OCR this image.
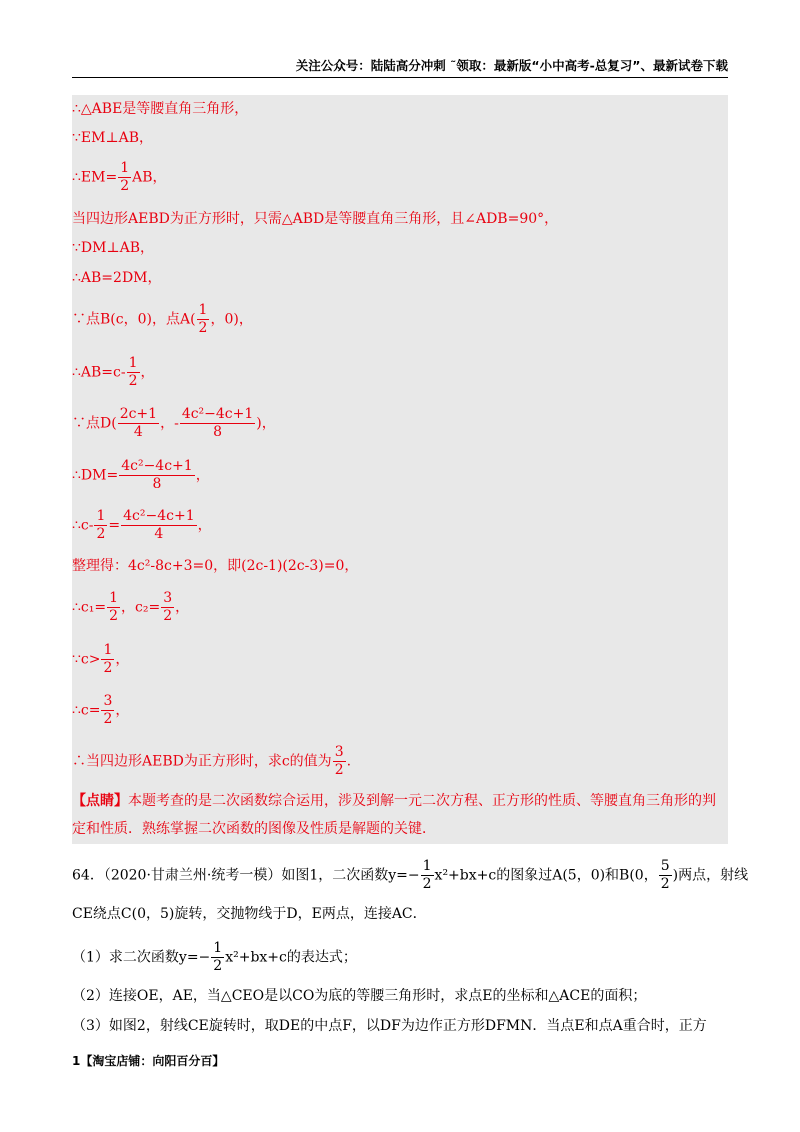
关注公众号：陆陆高分冲刺 ˜领取：最新版“小中高考-总复习”、最新试卷下载
∴△ABE是等腰直角三角形，
∵EM⊥AB，
∴EM= $\frac{1}{2}$ AB，
当四边形AEBD为正方形时，只需△ABD是等腰直角三角形，且∠ADB=90°，
∵DM⊥AB，
∴AB=2DM，
∵点B(c，0)，点$A( \frac{1}{2}$ ，0)，
∴AB=c- $\frac{1}{2}$ ，
∵点$D( \frac{2c+1}{4}$ ，- $\frac{\text{4c²−4c+1}}{8}$ )，
∴DM= $\frac{\text{4c²−4c+1}}{8}$ ，
∴c- $\frac{1}{2} = \frac{\text{4c²−4c+1}}{4}$ ，
整理得：4c²-8c+3=0，即(2c-1)(2c-3)=0，
∴c₁= $\frac{1}{2}$ ，$c_2= \frac{3}{2}$ ，
∵c> $\frac{1}{2}$ ，
∴c= $\frac{3}{2}$ ，
∴当四边形AEBD为正方形时，求c的值为 $\frac{3}{2}$ .
【点睛】本题考查的是二次函数综合运用，涉及到解一元二次方程、正方形的性质、等腰直角三角形的判定和性质．熟练掌握二次函数的图像及性质是解题的关键．
64．（2020·甘肃兰州·统考一模）如图1，二次函数$y=- \frac{1}{2} x^2+bx+c$的图象过A(5，0)和B(0， $\frac{5}{2}$ )两点，射线
CE绕点C(0，5)旋转，交抛物线于D，E两点，连接AC．
（1）求二次函数$y=- \frac{1}{2} x^2+bx+c$的表达式；
（2）连接OE，AE，当△CEO是以CO为底的等腰三角形时，求点E的坐标和△ACE的面积；
（3）如图2，射线CE旋转时，取DE的中点F，以DF为边作正方形DFMN．当点E和点A重合时，正方
1【淘宝店铺：向阳百分百】
